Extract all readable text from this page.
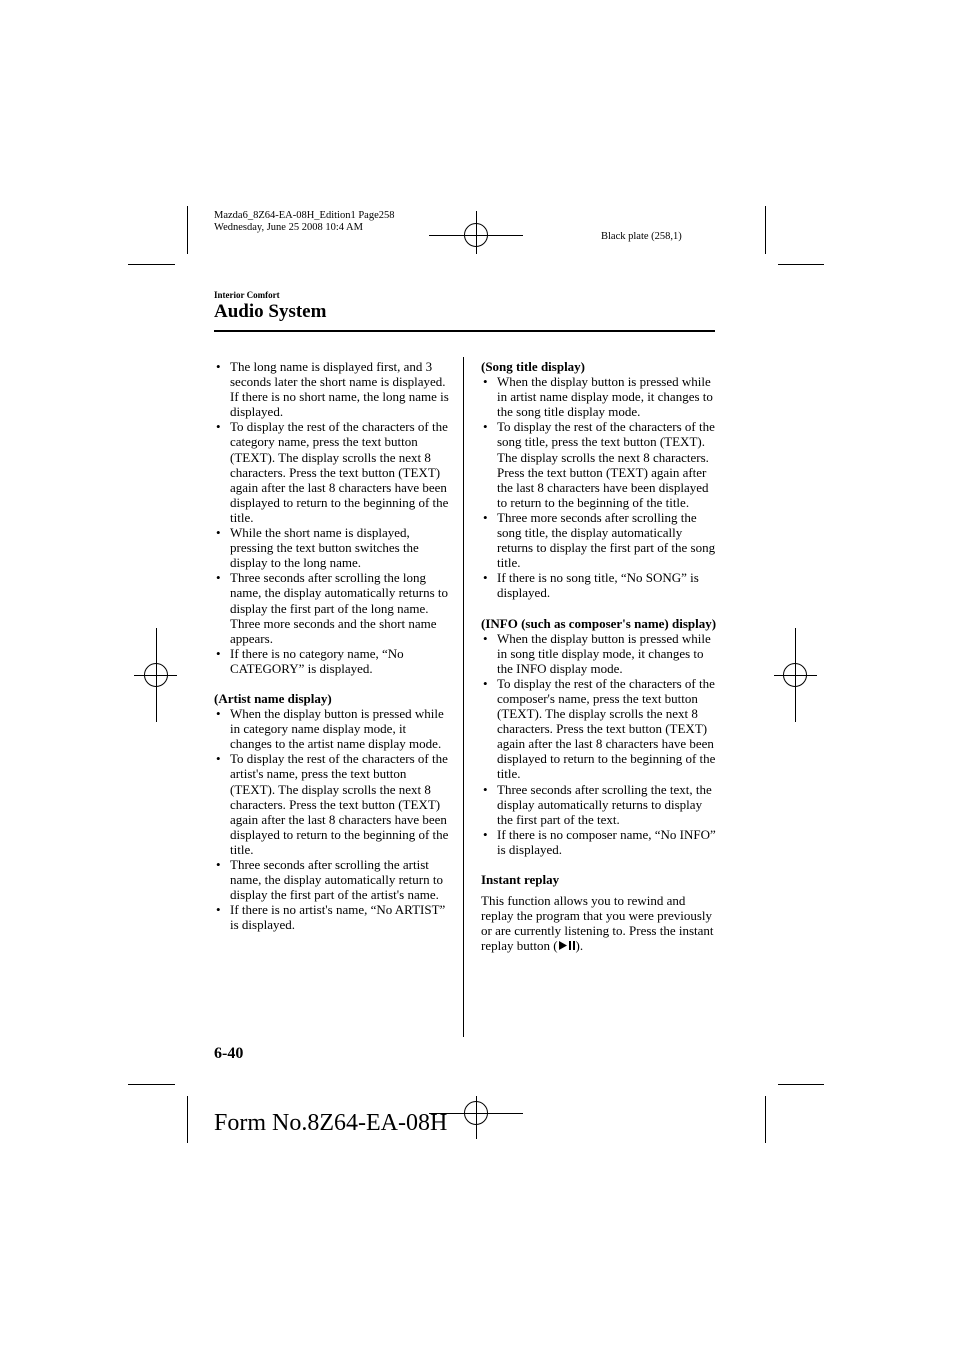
Mazda6_8Z64-EA-08H_Edition1 Page258
Wednesday, June 25 2008 10:4 AM
Black plate (258,1)
Interior Comfort
Audio System
• The long name is displayed first, and 3 seconds later the short name is displayed. If there is no short name, the long name is displayed.
• To display the rest of the characters of the category name, press the text button (TEXT). The display scrolls the next 8 characters. Press the text button (TEXT) again after the last 8 characters have been displayed to return to the beginning of the title.
• While the short name is displayed, pressing the text button switches the display to the long name.
• Three seconds after scrolling the long name, the display automatically returns to display the first part of the long name. Three more seconds and the short name appears.
• If there is no category name, “No CATEGORY” is displayed.
(Artist name display)
• When the display button is pressed while in category name display mode, it changes to the artist name display mode.
• To display the rest of the characters of the artist's name, press the text button (TEXT). The display scrolls the next 8 characters. Press the text button (TEXT) again after the last 8 characters have been displayed to return to the beginning of the title.
• Three seconds after scrolling the artist name, the display automatically return to display the first part of the artist's name.
• If there is no artist's name, “No ARTIST” is displayed.
(Song title display)
• When the display button is pressed while in artist name display mode, it changes to the song title display mode.
• To display the rest of the characters of the song title, press the text button (TEXT). The display scrolls the next 8 characters. Press the text button (TEXT) again after the last 8 characters have been displayed to return to the beginning of the title.
• Three more seconds after scrolling the song title, the display automatically returns to display the first part of the song title.
• If there is no song title, “No SONG” is displayed.
(INFO (such as composer's name) display)
• When the display button is pressed while in song title display mode, it changes to the INFO display mode.
• To display the rest of the characters of the composer's name, press the text button (TEXT). The display scrolls the next 8 characters. Press the text button (TEXT) again after the last 8 characters have been displayed to return to the beginning of the title.
• Three seconds after scrolling the text, the display automatically returns to display the first part of the text.
• If there is no composer name, “No INFO” is displayed.
Instant replay

This function allows you to rewind and replay the program that you were previously or are currently listening to. Press the instant replay button ( ).

6-40
Form No.8Z64-EA-08H
